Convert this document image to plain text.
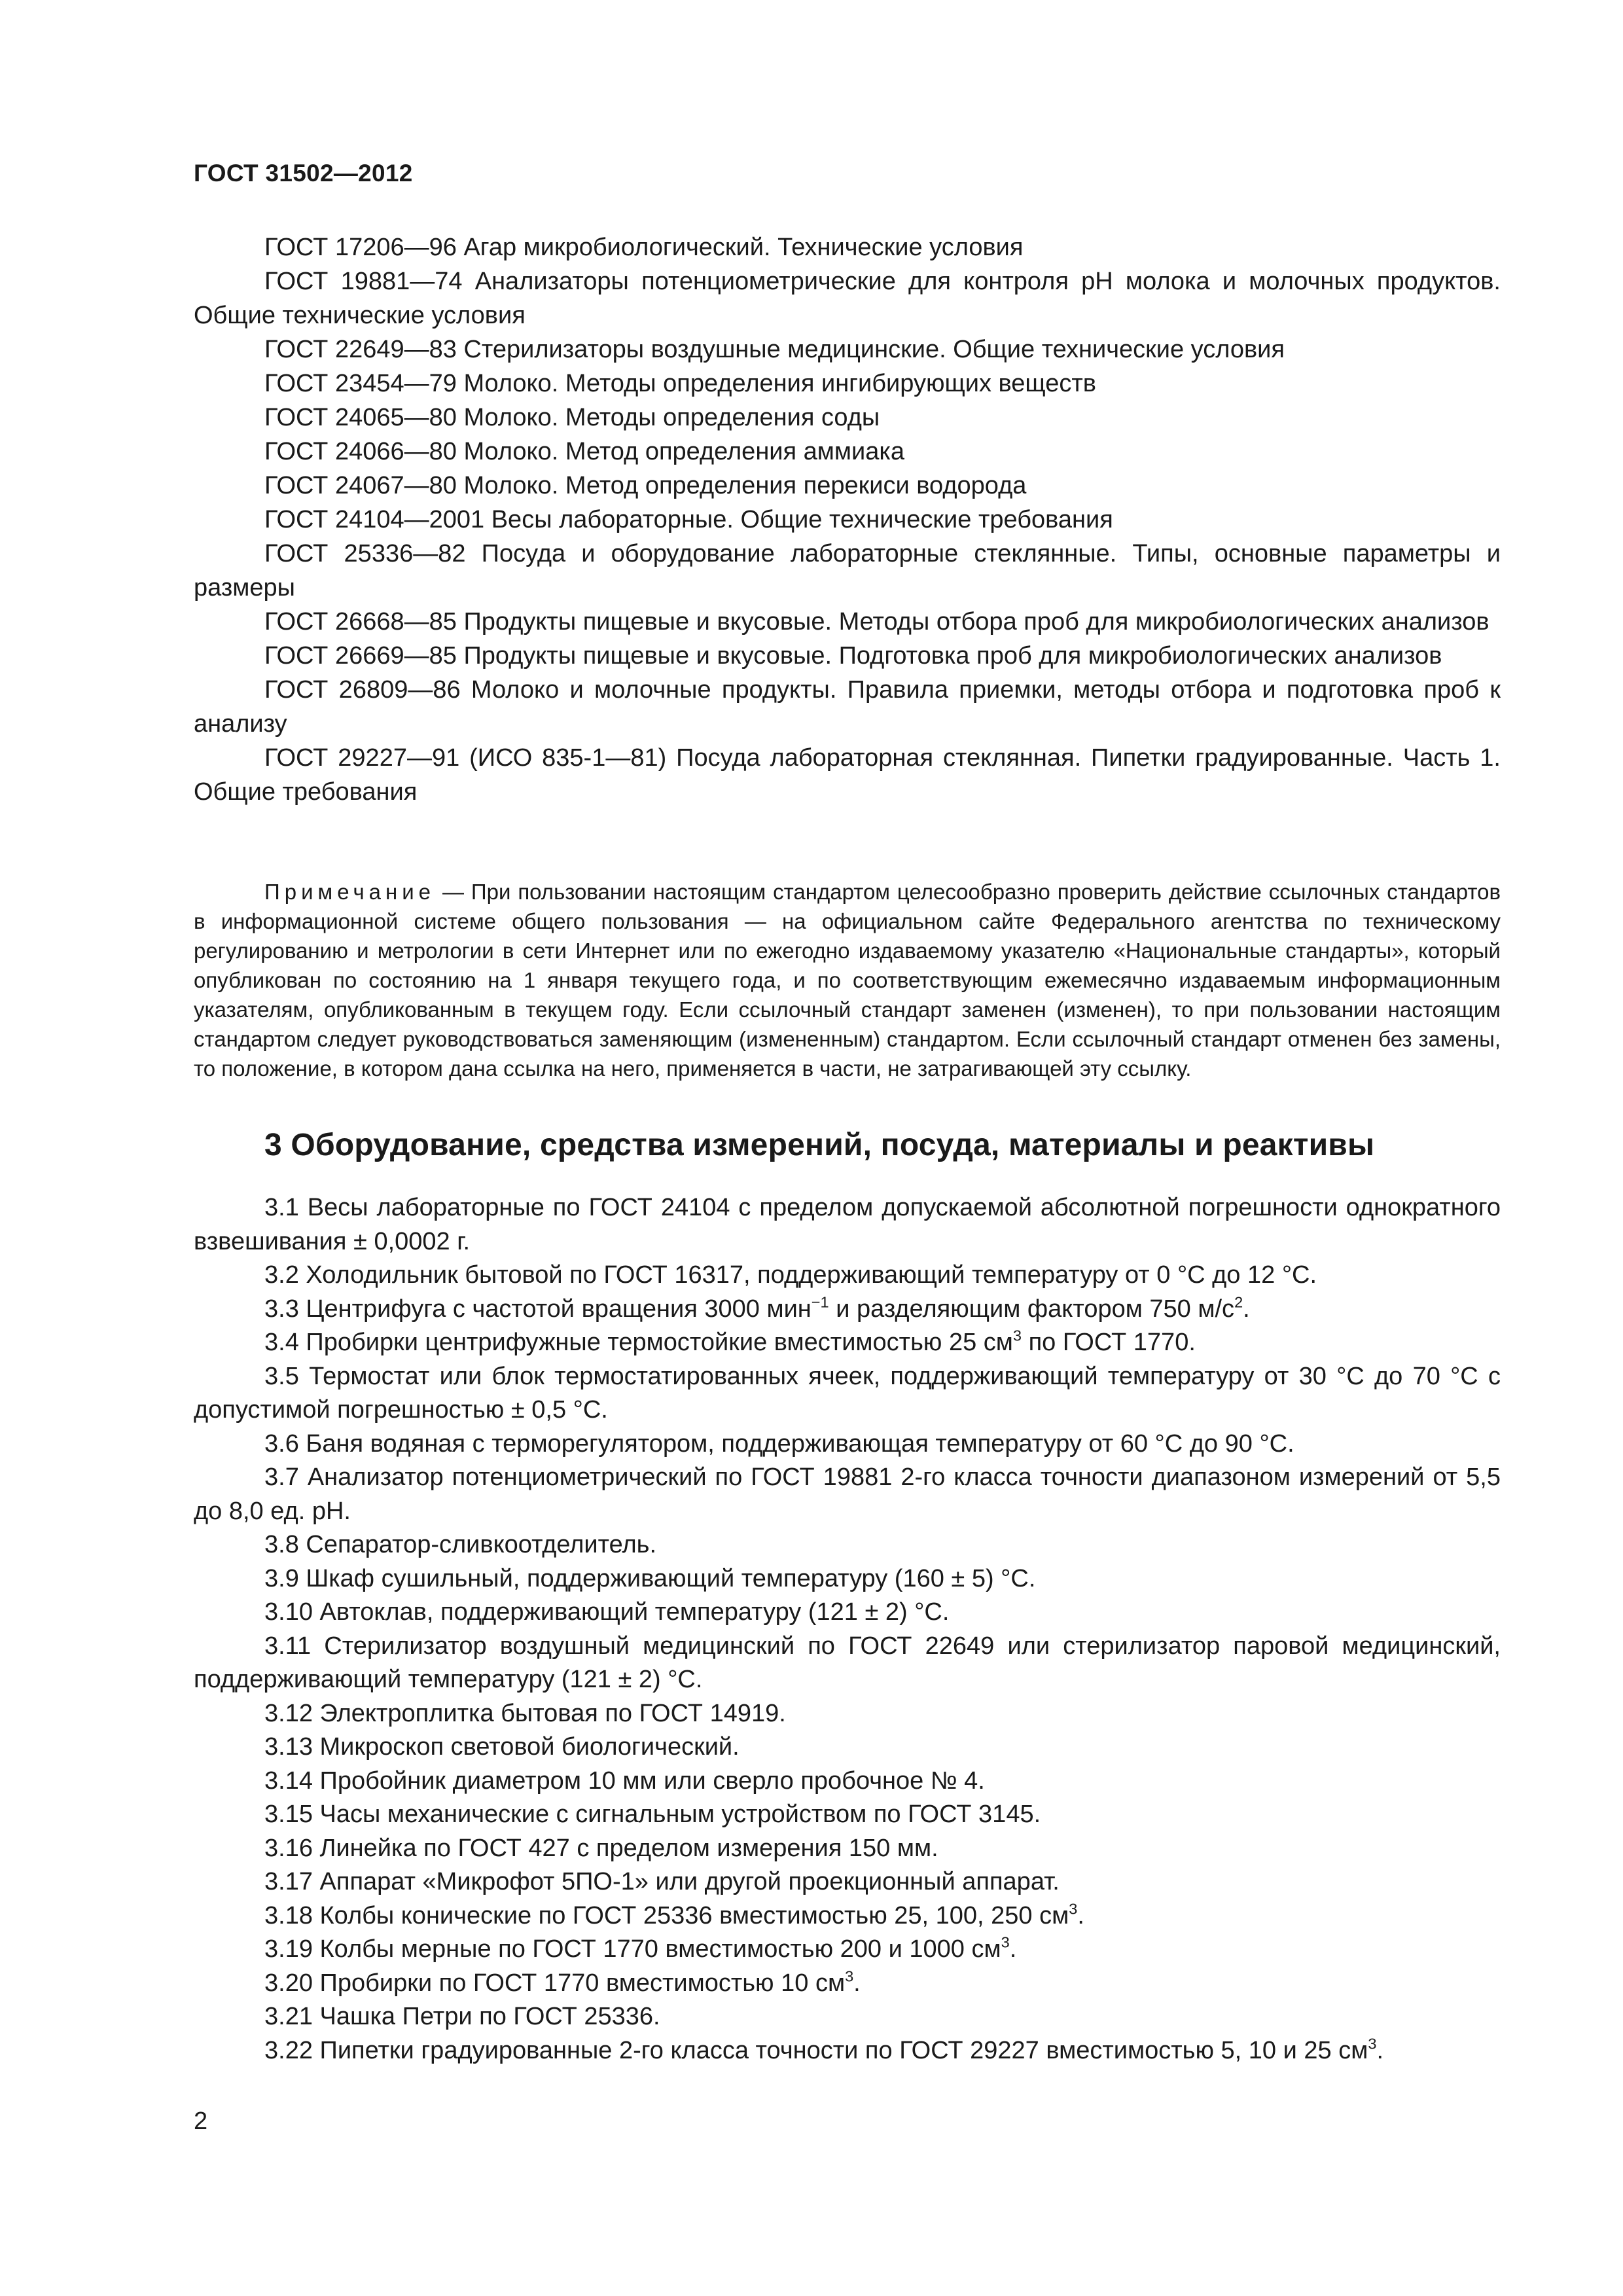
ГОСТ 31502—2012

ГОСТ 17206—96 Агар микробиологический. Технические условия

ГОСТ 19881—74 Анализаторы потенциометрические для контроля pH молока и молочных продуктов. Общие технические условия

ГОСТ 22649—83 Стерилизаторы воздушные медицинские. Общие технические условия

ГОСТ 23454—79 Молоко. Методы определения ингибирующих веществ

ГОСТ 24065—80 Молоко. Методы определения соды

ГОСТ 24066—80 Молоко. Метод определения аммиака

ГОСТ 24067—80 Молоко. Метод определения перекиси водорода

ГОСТ 24104—2001 Весы лабораторные. Общие технические требования

ГОСТ 25336—82 Посуда и оборудование лабораторные стеклянные. Типы, основные параметры и размеры

ГОСТ 26668—85 Продукты пищевые и вкусовые. Методы отбора проб для микробиологических анализов

ГОСТ 26669—85 Продукты пищевые и вкусовые. Подготовка проб для микробиологических анализов

ГОСТ 26809—86 Молоко и молочные продукты. Правила приемки, методы отбора и подготовка проб к анализу

ГОСТ 29227—91 (ИСО 835-1—81) Посуда лабораторная стеклянная. Пипетки градуированные. Часть 1. Общие требования

Примечание — При пользовании настоящим стандартом целесообразно проверить действие ссылочных стандартов в информационной системе общего пользования — на официальном сайте Федерального агентства по техническому регулированию и метрологии в сети Интернет или по ежегодно издаваемому указателю «Национальные стандарты», который опубликован по состоянию на 1 января текущего года, и по соответствующим ежемесячно издаваемым информационным указателям, опубликованным в текущем году. Если ссылочный стандарт заменен (изменен), то при пользовании настоящим стандартом следует руководствоваться заменяющим (измененным) стандартом. Если ссылочный стандарт отменен без замены, то положение, в котором дана ссылка на него, применяется в части, не затрагивающей эту ссылку.

3 Оборудование, средства измерений, посуда, материалы и реактивы

3.1 Весы лабораторные по ГОСТ 24104 с пределом допускаемой абсолютной погрешности однократного взвешивания ± 0,0002 г.

3.2 Холодильник бытовой по ГОСТ 16317, поддерживающий температуру от 0 °С до 12 °С.

3.3 Центрифуга с частотой вращения 3000 мин$^{-1}$ и разделяющим фактором 750 $м/с^2$.

3.4 Пробирки центрифужные термостойкие вместимостью 25 $см^3$ по ГОСТ 1770.

3.5 Термостат или блок термостатированных ячеек, поддерживающий температуру от 30 °С до 70 °С с допустимой погрешностью ± 0,5 °С.

3.6 Баня водяная с терморегулятором, поддерживающая температуру от 60 °С до 90 °С.

3.7 Анализатор потенциометрический по ГОСТ 19881 2-го класса точности диапазоном измерений от 5,5 до 8,0 ед. pH.

3.8 Сепаратор-сливкоотделитель.

3.9 Шкаф сушильный, поддерживающий температуру (160 ± 5) °С.

3.10 Автоклав, поддерживающий температуру (121 ± 2) °С.

3.11 Стерилизатор воздушный медицинский по ГОСТ 22649 или стерилизатор паровой медицинский, поддерживающий температуру (121 ± 2) °С.

3.12 Электроплитка бытовая по ГОСТ 14919.

3.13 Микроскоп световой биологический.

3.14 Пробойник диаметром 10 мм или сверло пробочное № 4.

3.15 Часы механические с сигнальным устройством по ГОСТ 3145.

3.16 Линейка по ГОСТ 427 с пределом измерения 150 мм.

3.17 Аппарат «Микрофот 5ПО-1» или другой проекционный аппарат.

3.18 Колбы конические по ГОСТ 25336 вместимостью 25, 100, 250 $см^3$.

3.19 Колбы мерные по ГОСТ 1770 вместимостью 200 и 1000 $см^3$.

3.20 Пробирки по ГОСТ 1770 вместимостью 10 $см^3$.

3.21 Чашка Петри по ГОСТ 25336.

3.22 Пипетки градуированные 2-го класса точности по ГОСТ 29227 вместимостью 5, 10 и 25 $см^3$.

2
